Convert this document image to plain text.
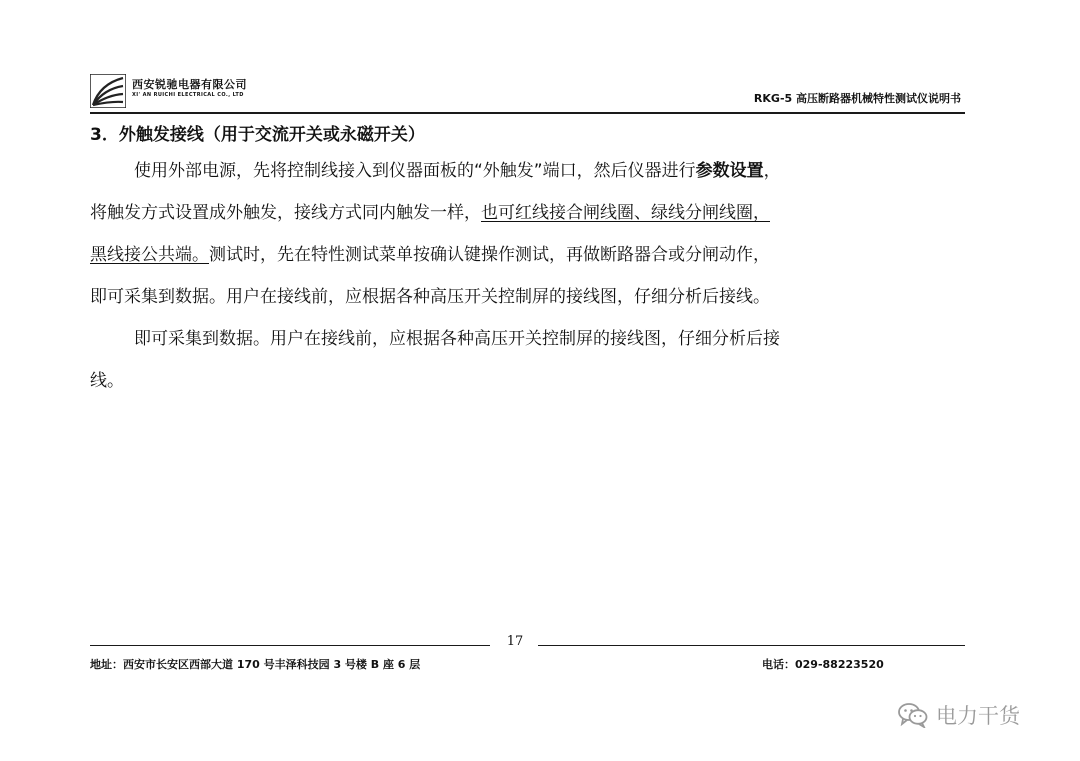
西安锐驰电器有限公司
XI' AN RUICHI ELECTRICAL CO., LTD	RKG-5 高压断路器机械特性测试仪说明书
3．外触发接线（用于交流开关或永磁开关）
使用外部电源，先将控制线接入到仪器面板的“外触发”端口，然后仪器进行参数设置，
将触发方式设置成外触发，接线方式同内触发一样，也可红线接合闸线圈、绿线分闸线圈，
黑线接公共端。测试时，先在特性测试菜单按确认键操作测试，再做断路器合或分闸动作，
即可采集到数据。用户在接线前，应根据各种高压开关控制屏的接线图，仔细分析后接线。
即可采集到数据。用户在接线前，应根据各种高压开关控制屏的接线图，仔细分析后接
线。
17
地址：西安市长安区西部大道 170 号丰泽科技园 3 号楼 B 座 6 层	电话：029-88223520
电力干货
